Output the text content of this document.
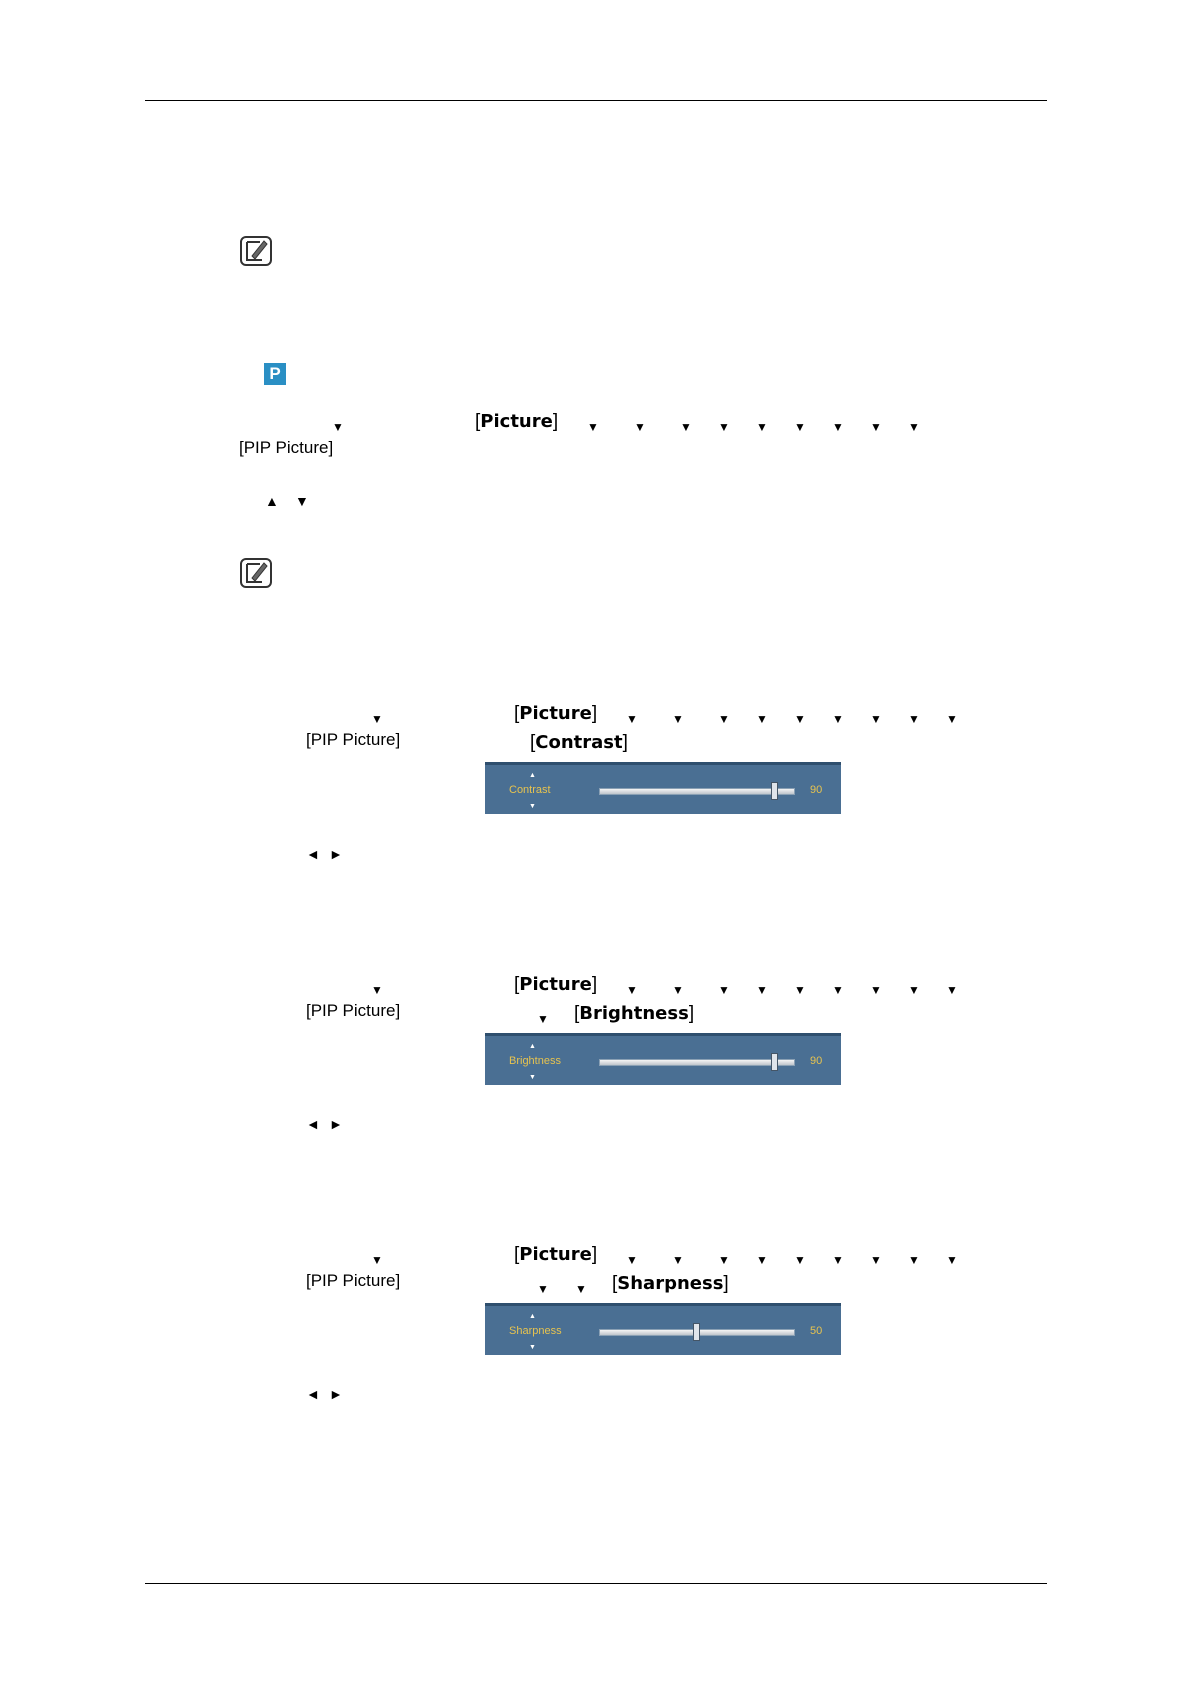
P
▼	[Picture] ▼	▼	▼ ▼ ▼ ▼ ▼ ▼ ▼
[PIP Picture]
▲ ▼
▼	[Picture] ▼	▼	▼ ▼ ▼ ▼ ▼ ▼ ▼
[PIP Picture]	[Contrast]
▲
Contrast
▼
90
◄ ►
▼	[Picture] ▼	▼	▼ ▼ ▼ ▼ ▼ ▼ ▼
[PIP Picture]	▼ [Brightness]
▲
Brightness
▼
90
◄ ►
▼	[Picture] ▼	▼	▼ ▼ ▼ ▼ ▼ ▼ ▼
[PIP Picture]	▼ ▼ [Sharpness]
▲
Sharpness
▼
50
◄ ►
